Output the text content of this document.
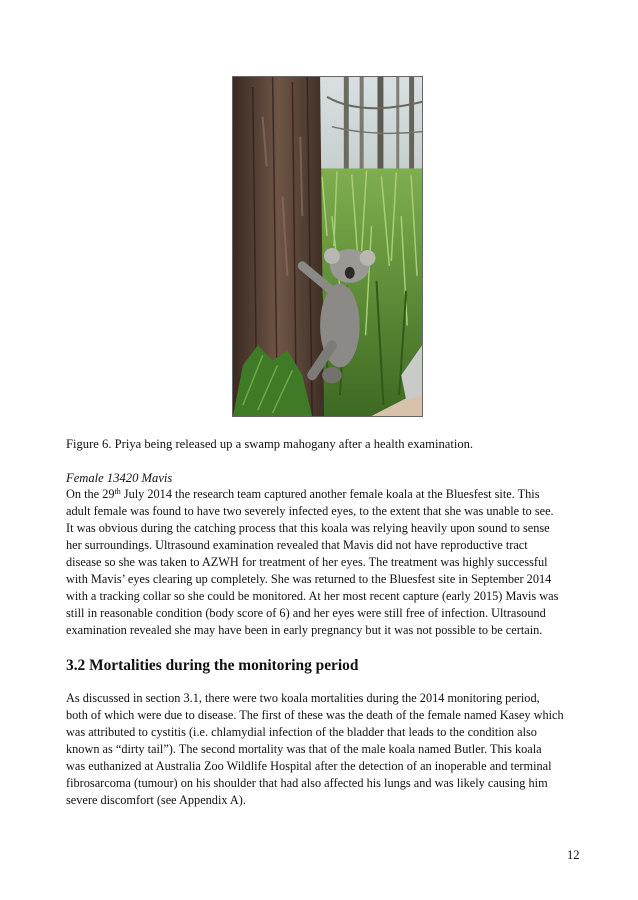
Figure 6. Priya being released up a swamp mahogany after a health examination.
Female 13420 Mavis
On the 29th July 2014 the research team captured another female koala at the Bluesfest site. This
adult female was found to have two severely infected eyes, to the extent that she was unable to see.
It was obvious during the catching process that this koala was relying heavily upon sound to sense
her surroundings. Ultrasound examination revealed that Mavis did not have reproductive tract
disease so she was taken to AZWH for treatment of her eyes. The treatment was highly successful
with Mavis’ eyes clearing up completely. She was returned to the Bluesfest site in September 2014
with a tracking collar so she could be monitored. At her most recent capture (early 2015) Mavis was
still in reasonable condition (body score of 6) and her eyes were still free of infection. Ultrasound
examination revealed she may have been in early pregnancy but it was not possible to be certain.
3.2 Mortalities during the monitoring period
As discussed in section 3.1, there were two koala mortalities during the 2014 monitoring period,
both of which were due to disease. The first of these was the death of the female named Kasey which
was attributed to cystitis (i.e. chlamydial infection of the bladder that leads to the condition also
known as “dirty tail”). The second mortality was that of the male koala named Butler. This koala
was euthanized at Australia Zoo Wildlife Hospital after the detection of an inoperable and terminal
fibrosarcoma (tumour) on his shoulder that had also affected his lungs and was likely causing him
severe discomfort (see Appendix A).
12
